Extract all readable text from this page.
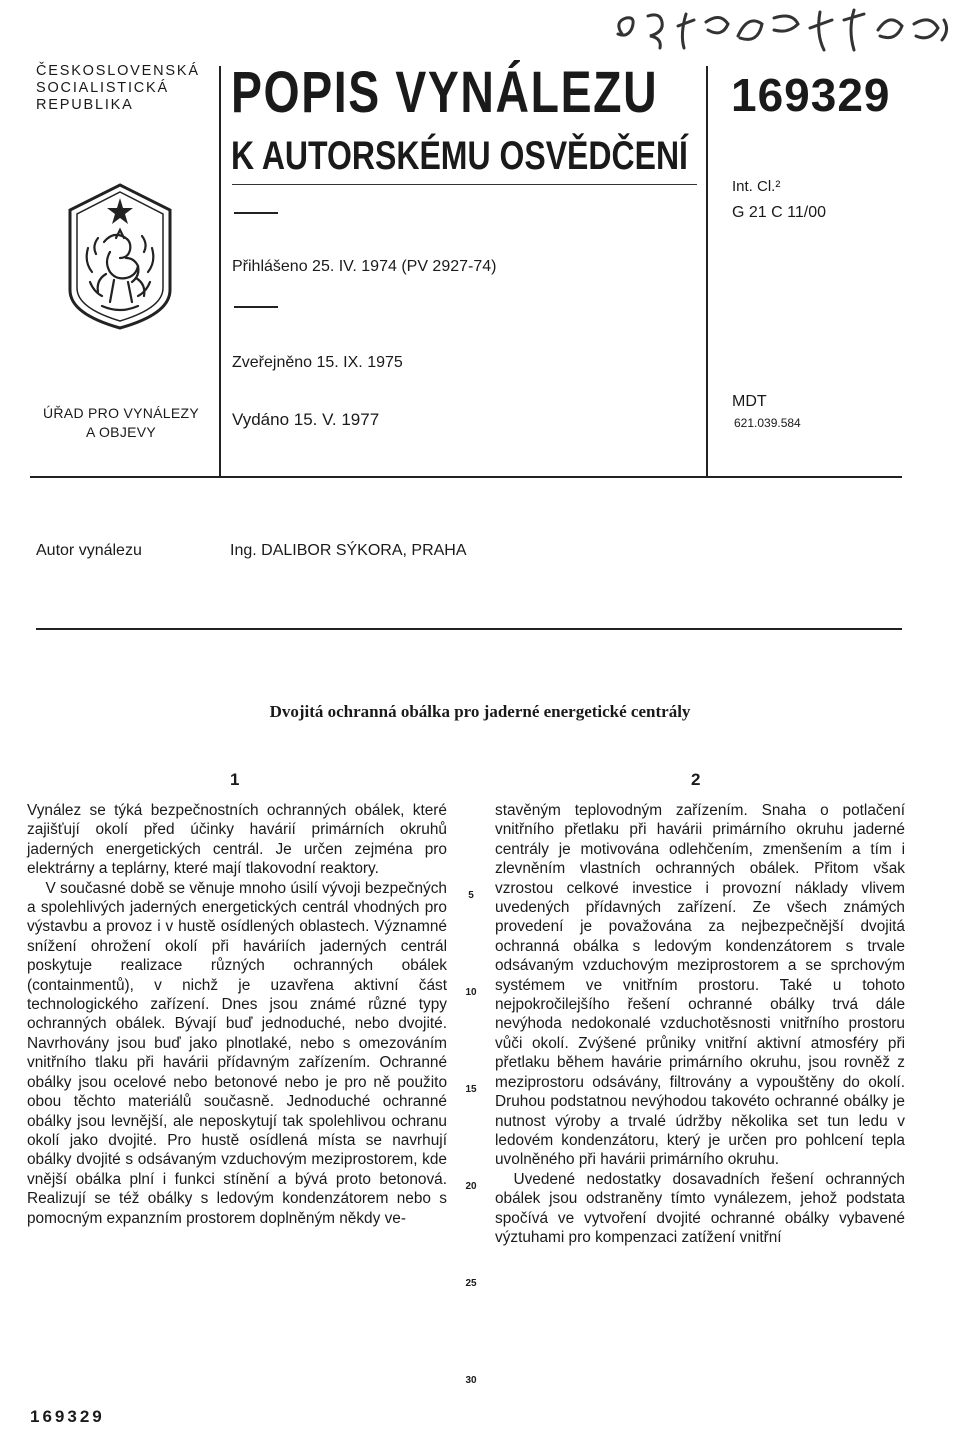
ČESKOSLOVENSKÁ
SOCIALISTICKÁ
REPUBLIKA
ÚŘAD PRO VYNÁLEZY
A OBJEVY
POPIS VYNÁLEZU
K AUTORSKÉMU OSVĚDČENÍ
Přihlášeno 25. IV. 1974 (PV 2927-74)
Zveřejněno 15. IX. 1975
Vydáno 15. V. 1977
169329
Int. Cl.²
G 21 C 11/00
MDT
621.039.584
Autor vynálezu	Ing. DALIBOR SÝKORA, PRAHA
Dvojitá ochranná obálka pro jaderné energetické centrály
1	2

Vynález se týká bezpečnostních ochranných obálek, které zajišťují okolí před účinky havárií primárních okruhů jaderných energetických centrál. Je určen zejména pro elektrárny a teplárny, které mají tlakovodní reaktory.

V současné době se věnuje mnoho úsilí vývoji bezpečných a spolehlivých jaderných energetických centrál vhodných pro výstavbu a provoz i v hustě osídlených oblastech. Významné snížení ohrožení okolí při haváriích jaderných centrál poskytuje realizace různých ochranných obálek (containmentů), v nichž je uzavřena aktivní část technologického zařízení. Dnes jsou známé různé typy ochranných obálek. Bývají buď jednoduché, nebo dvojité. Navrhovány jsou buď jako plnotlaké, nebo s omezováním vnitřního tlaku při havárii přídavným zařízením. Ochranné obálky jsou ocelové nebo betonové nebo je pro ně použito obou těchto materiálů současně. Jednoduché ochranné obálky jsou levnější, ale neposkytují tak spolehlivou ochranu okolí jako dvojité. Pro hustě osídlená místa se navrhují obálky dvojité s odsávaným vzduchovým meziprostorem, kde vnější obálka plní i funkci stínění a bývá proto betonová. Realizují se též obálky s ledovým kondenzátorem nebo s pomocným expanzním prostorem doplněným někdy ve-

5
10
15
20
25
30

stavěným teplovodným zařízením. Snaha o potlačení vnitřního přetlaku při havárii primárního okruhu jaderné centrály je motivována odlehčením, zmenšením a tím i zlevněním vlastních ochranných obálek. Přitom však vzrostou celkové investice i provozní náklady vlivem uvedených přídavných zařízení. Ze všech známých provedení je považována za nejbezpečnější dvojitá ochranná obálka s ledovým kondenzátorem s trvale odsávaným vzduchovým meziprostorem a se sprchovým systémem ve vnitřním prostoru. Také u tohoto nejpokročilejšího řešení ochranné obálky trvá dále nevýhoda nedokonalé vzduchotěsnosti vnitřního prostoru vůči okolí. Zvýšené průniky vnitřní aktivní atmosféry při přetlaku během havárie primárního okruhu, jsou rovněž z meziprostoru odsávány, filtrovány a vypouštěny do okolí. Druhou podstatnou nevýhodou takovéto ochranné obálky je nutnost výroby a trvalé údržby několika set tun ledu v ledovém kondenzátoru, který je určen pro pohlcení tepla uvolněného při havárii primárního okruhu.

Uvedené nedostatky dosavadních řešení ochranných obálek jsou odstraněny tímto vynálezem, jehož podstata spočívá ve vytvoření dvojité ochranné obálky vybavené výztuhami pro kompenzaci zatížení vnitřní

169329
